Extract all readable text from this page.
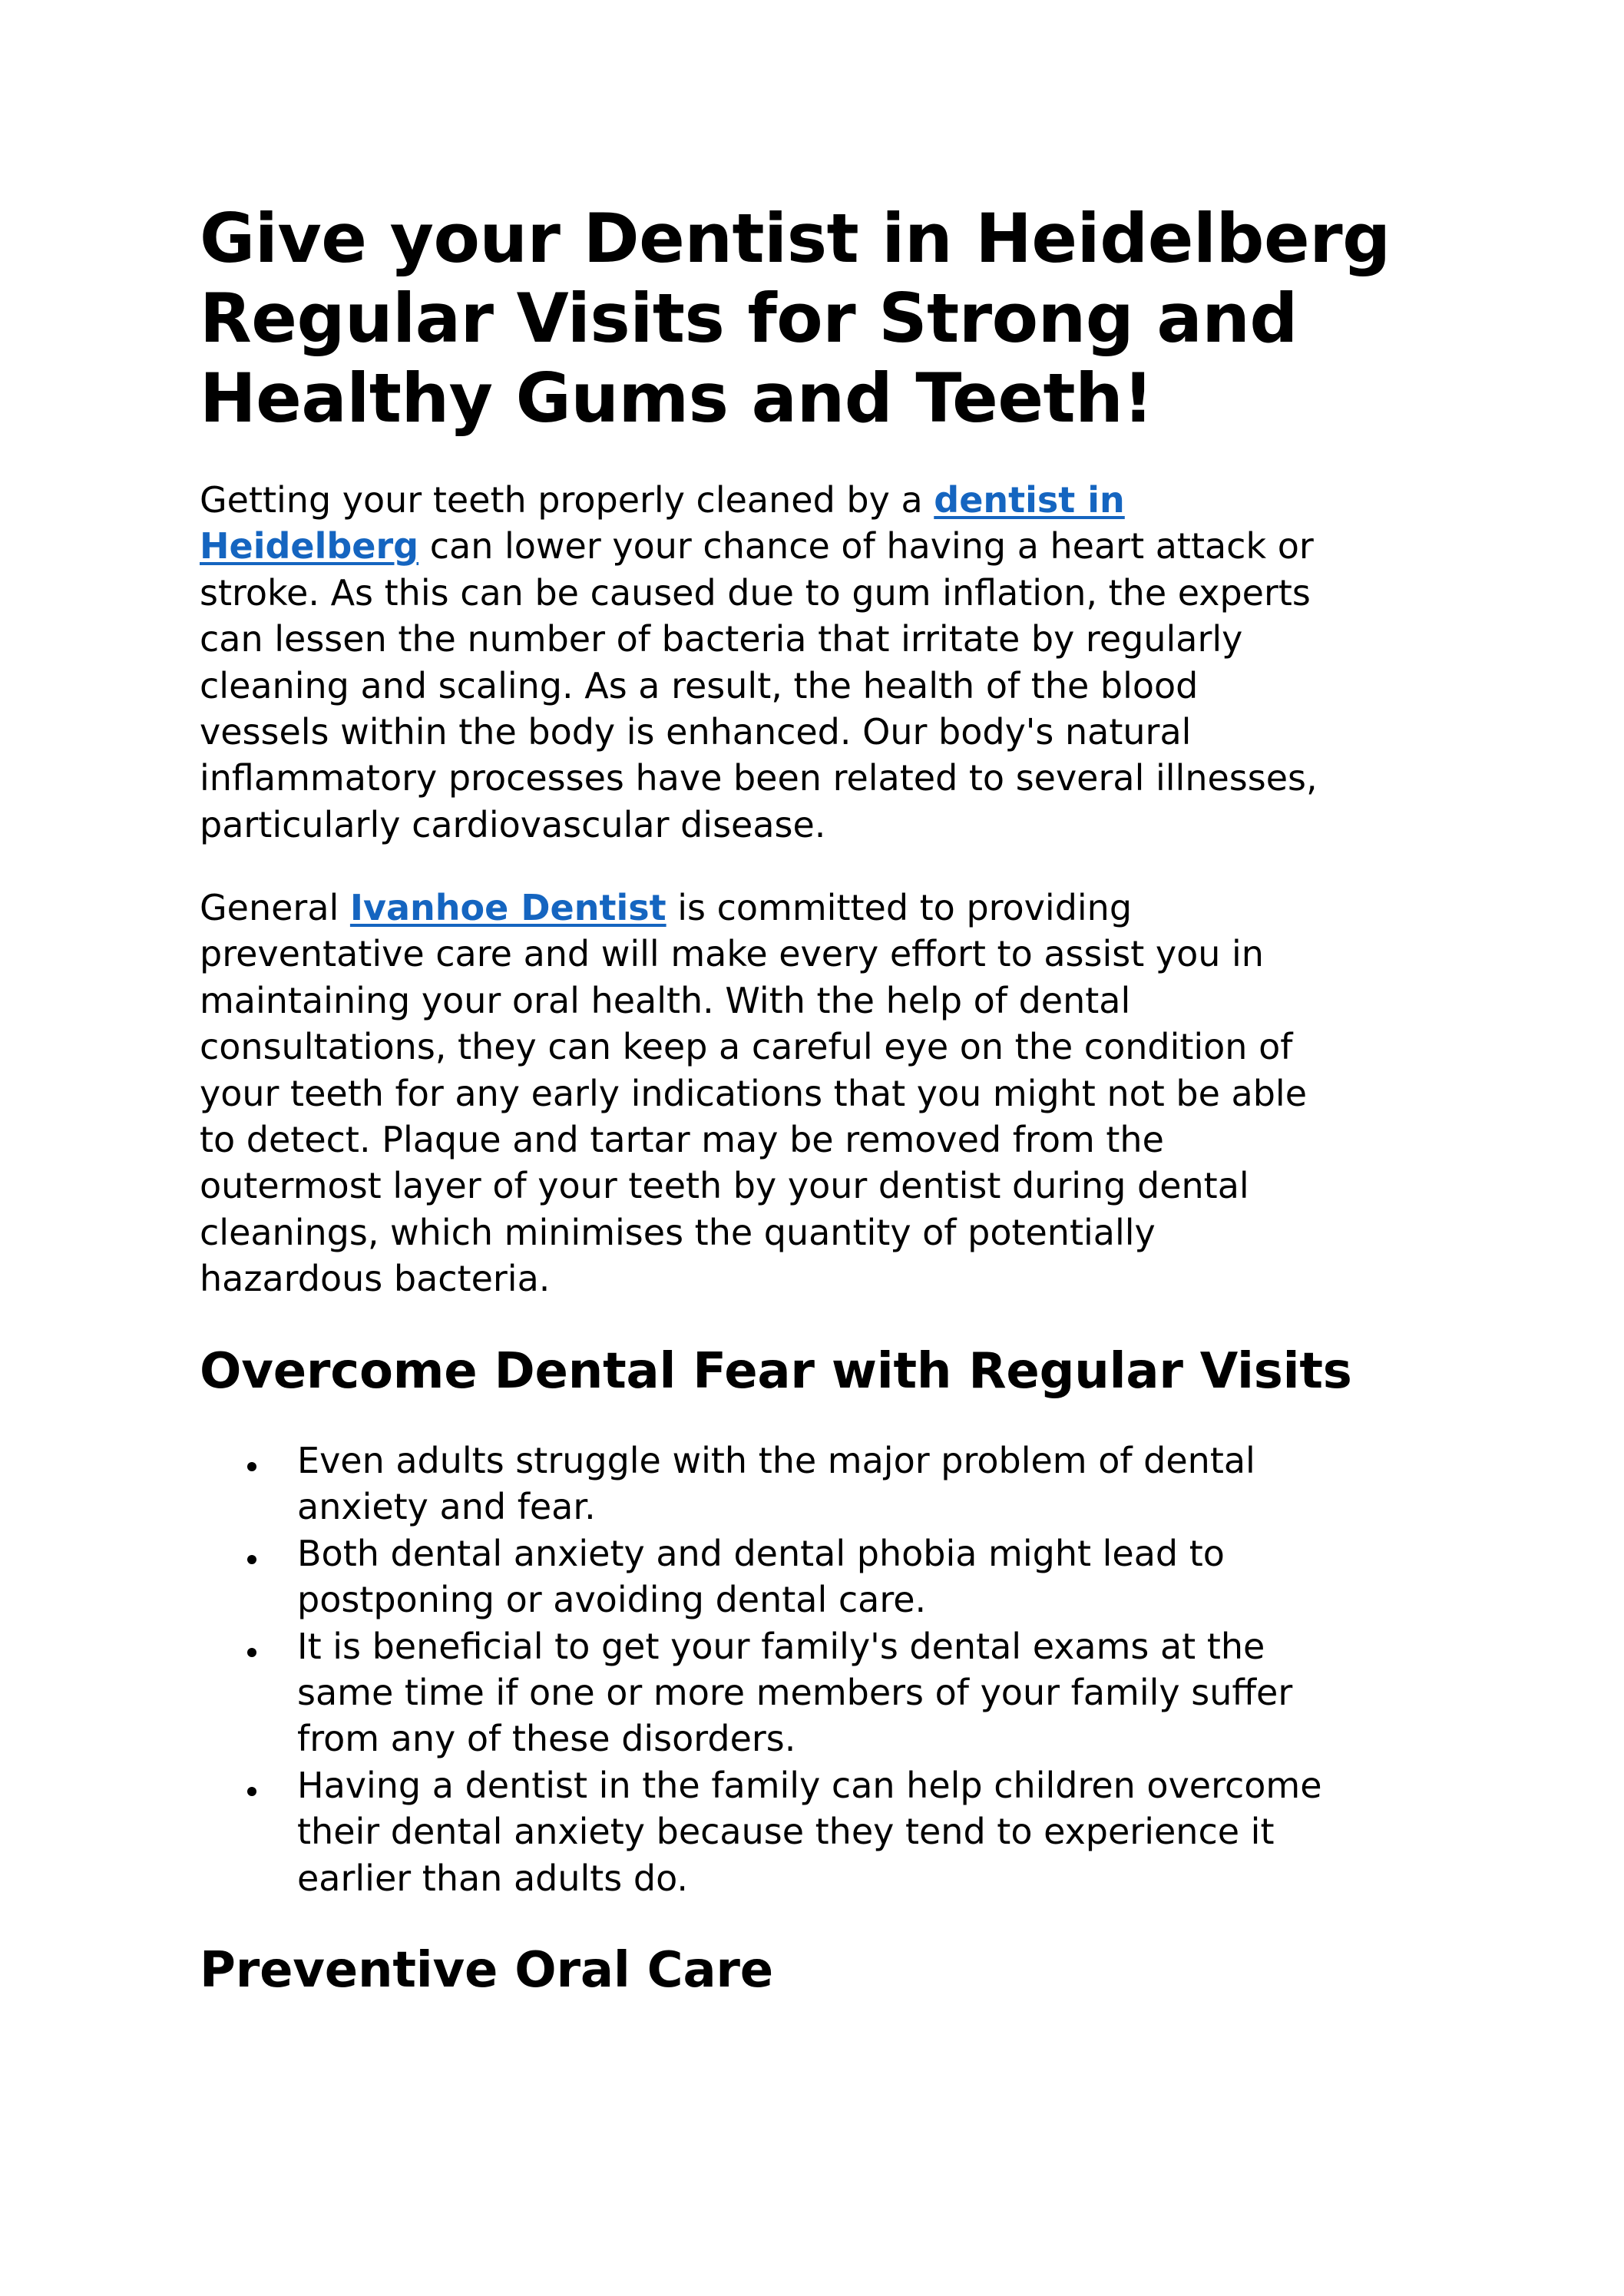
Give your Dentist in Heidelberg
Regular Visits for Strong and
Healthy Gums and Teeth!

Getting your teeth properly cleaned by a dentist in
Heidelberg can lower your chance of having a heart attack or
stroke. As this can be caused due to gum inflation, the experts
can lessen the number of bacteria that irritate by regularly
cleaning and scaling. As a result, the health of the blood
vessels within the body is enhanced. Our body's natural
inflammatory processes have been related to several illnesses,
particularly cardiovascular disease.

General Ivanhoe Dentist is committed to providing
preventative care and will make every effort to assist you in
maintaining your oral health. With the help of dental
consultations, they can keep a careful eye on the condition of
your teeth for any early indications that you might not be able
to detect. Plaque and tartar may be removed from the
outermost layer of your teeth by your dentist during dental
cleanings, which minimises the quantity of potentially
hazardous bacteria.

Overcome Dental Fear with Regular Visits
Even adults struggle with the major problem of dental
anxiety and fear.
Both dental anxiety and dental phobia might lead to
postponing or avoiding dental care.
It is beneficial to get your family's dental exams at the
same time if one or more members of your family suffer
from any of these disorders.
Having a dentist in the family can help children overcome
their dental anxiety because they tend to experience it
earlier than adults do.
Preventive Oral Care
